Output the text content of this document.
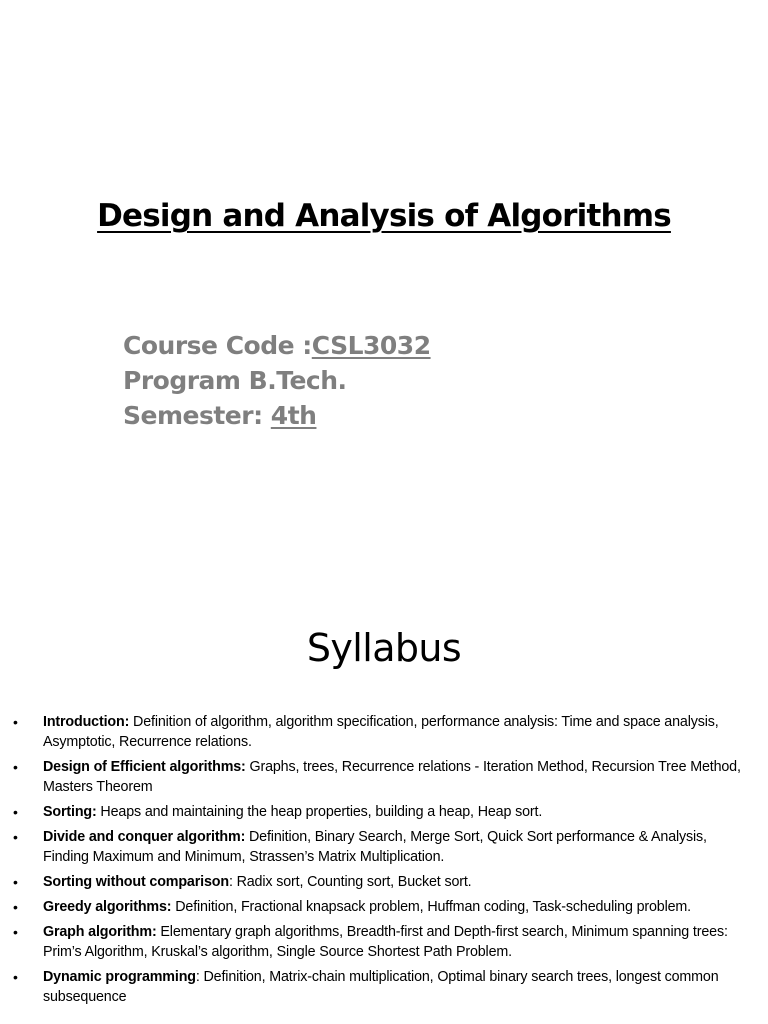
Design and Analysis of Algorithms
Course Code :CSL3032
Program B.Tech.
Semester: 4th
Syllabus
• Introduction: Definition of algorithm, algorithm specification, performance analysis: Time and space analysis, Asymptotic, Recurrence relations.
• Design of Efficient algorithms: Graphs, trees, Recurrence relations - Iteration Method, Recursion Tree Method, Masters Theorem
• Sorting: Heaps and maintaining the heap properties, building a heap, Heap sort.
• Divide and conquer algorithm: Definition, Binary Search, Merge Sort, Quick Sort performance & Analysis, Finding Maximum and Minimum, Strassen’s Matrix Multiplication.
• Sorting without comparison: Radix sort, Counting sort, Bucket sort.
• Greedy algorithms: Definition, Fractional knapsack problem, Huffman coding, Task-scheduling problem.
• Graph algorithm: Elementary graph algorithms, Breadth-first and Depth-first search, Minimum spanning trees: Prim’s Algorithm, Kruskal’s algorithm, Single Source Shortest Path Problem.
• Dynamic programming: Definition, Matrix-chain multiplication, Optimal binary search trees, longest common subsequence
